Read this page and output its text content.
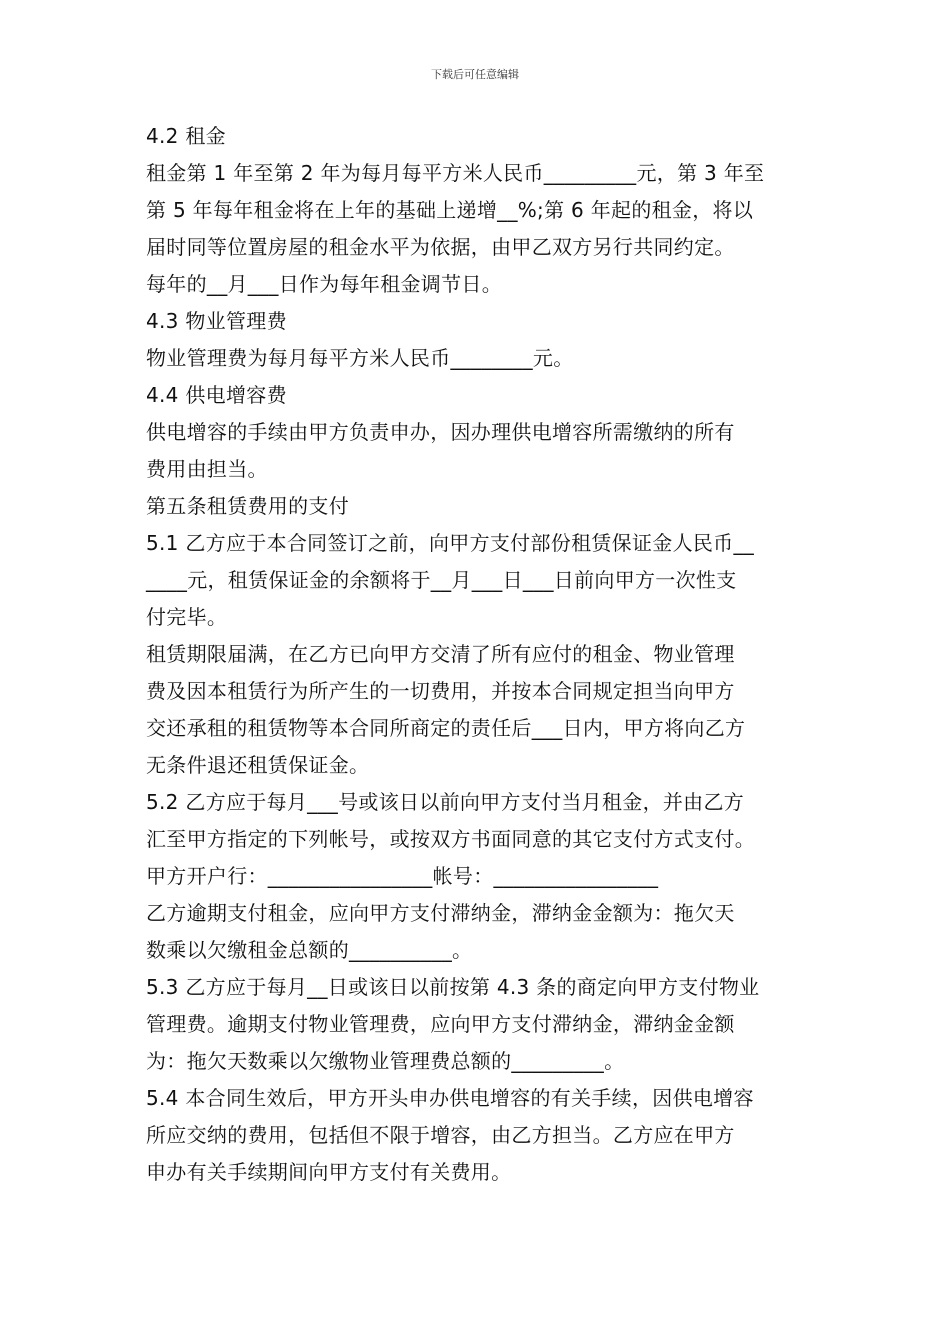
下载后可任意编辑

4.2 租金

租金第 1 年至第 2 年为每月每平方米人民币_________元，第 3 年至

第 5 年每年租金将在上年的基础上递增__%;第 6 年起的租金，将以

届时同等位置房屋的租金水平为依据，由甲乙双方另行共同约定。

每年的__月___日作为每年租金调节日。

4.3 物业管理费

物业管理费为每月每平方米人民币________元。

4.4 供电增容费

供电增容的手续由甲方负责申办，因办理供电增容所需缴纳的所有

费用由担当。

第五条租赁费用的支付

5.1 乙方应于本合同签订之前，向甲方支付部份租赁保证金人民币__

____元，租赁保证金的余额将于__月___日___日前向甲方一次性支

付完毕。

租赁期限届满，在乙方已向甲方交清了所有应付的租金、物业管理

费及因本租赁行为所产生的一切费用，并按本合同规定担当向甲方

交还承租的租赁物等本合同所商定的责任后___日内，甲方将向乙方

无条件退还租赁保证金。

5.2 乙方应于每月___号或该日以前向甲方支付当月租金，并由乙方

汇至甲方指定的下列帐号，或按双方书面同意的其它支付方式支付。

甲方开户行：________________帐号：________________

乙方逾期支付租金，应向甲方支付滞纳金，滞纳金金额为：拖欠天

数乘以欠缴租金总额的__________。

5.3 乙方应于每月__日或该日以前按第 4.3 条的商定向甲方支付物业

管理费。逾期支付物业管理费，应向甲方支付滞纳金，滞纳金金额

为：拖欠天数乘以欠缴物业管理费总额的_________。

5.4 本合同生效后，甲方开头申办供电增容的有关手续，因供电增容

所应交纳的费用，包括但不限于增容，由乙方担当。乙方应在甲方

申办有关手续期间向甲方支付有关费用。
